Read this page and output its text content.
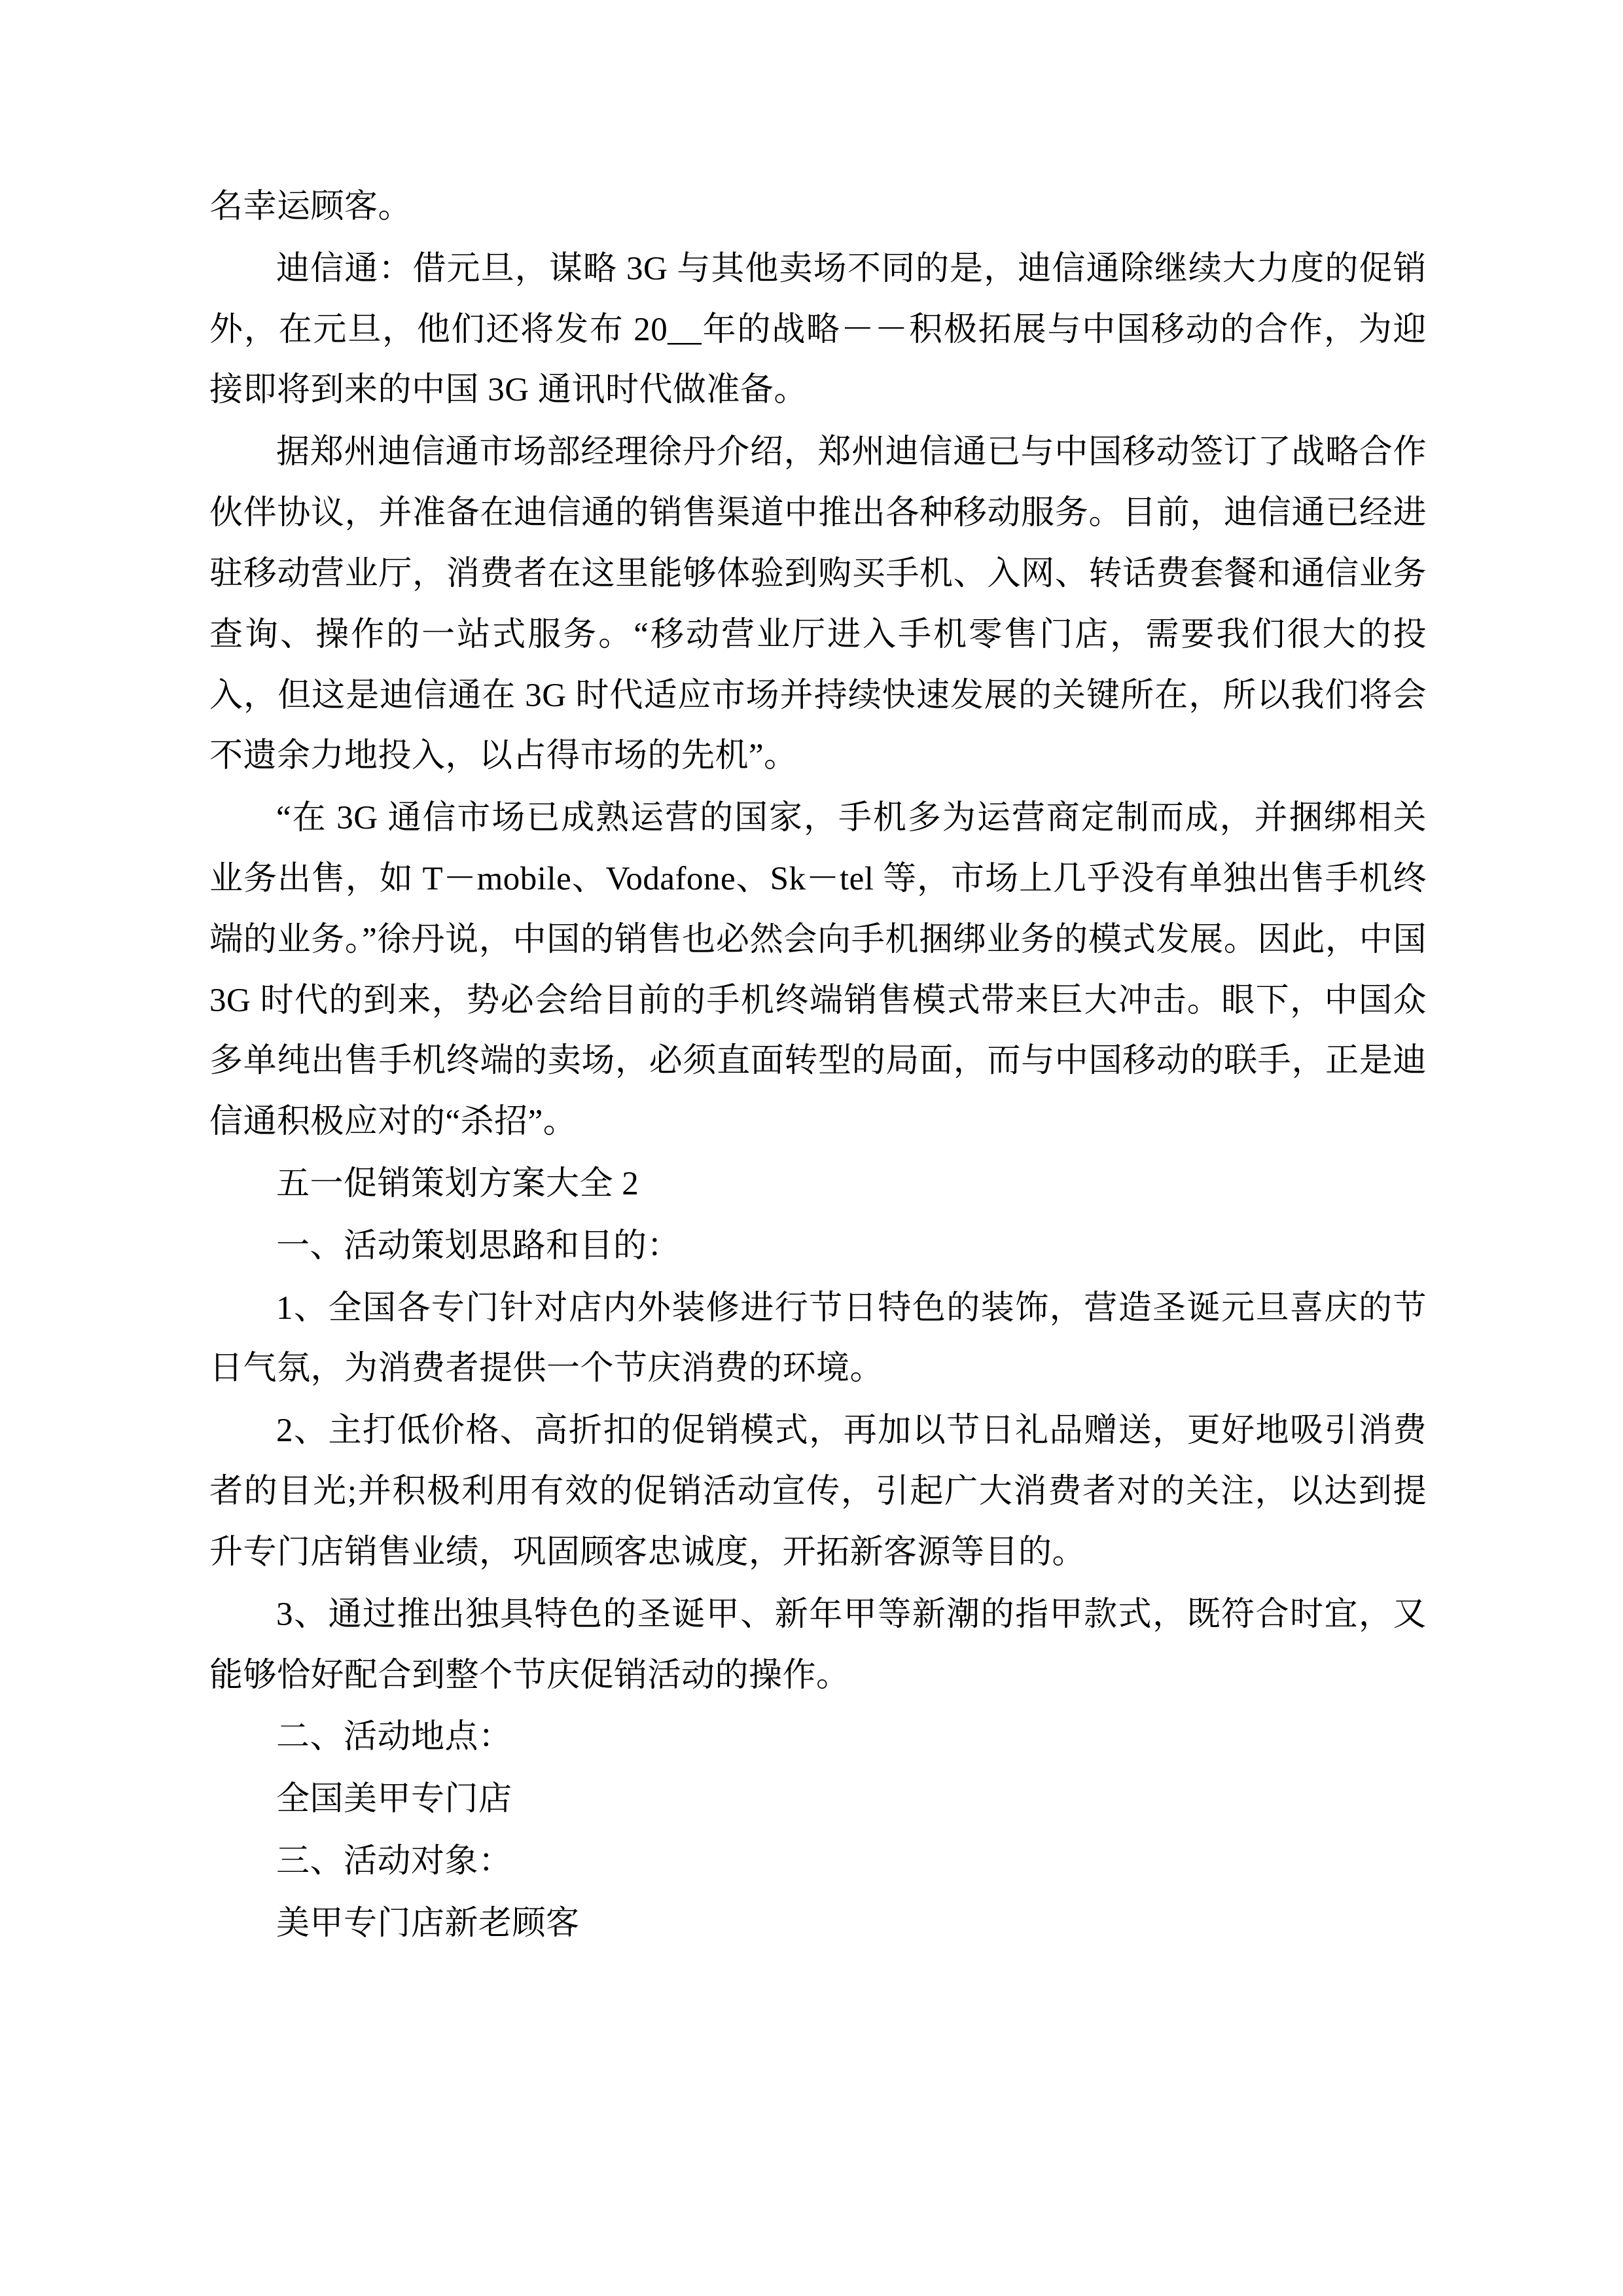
名幸运顾客。

迪信通：借元旦，谋略 3G 与其他卖场不同的是，迪信通除继续大力度的促销外，在元旦，他们还将发布 20__年的战略－－积极拓展与中国移动的合作，为迎接即将到来的中国 3G 通讯时代做准备。

据郑州迪信通市场部经理徐丹介绍，郑州迪信通已与中国移动签订了战略合作伙伴协议，并准备在迪信通的销售渠道中推出各种移动服务。目前，迪信通已经进驻移动营业厅，消费者在这里能够体验到购买手机、入网、转话费套餐和通信业务查询、操作的一站式服务。“移动营业厅进入手机零售门店，需要我们很大的投入，但这是迪信通在 3G 时代适应市场并持续快速发展的关键所在，所以我们将会不遗余力地投入，以占得市场的先机”。

“在 3G 通信市场已成熟运营的国家，手机多为运营商定制而成，并捆绑相关业务出售，如 T－mobile、Vodafone、Sk－tel 等，市场上几乎没有单独出售手机终端的业务。”徐丹说，中国的销售也必然会向手机捆绑业务的模式发展。因此，中国 3G 时代的到来，势必会给目前的手机终端销售模式带来巨大冲击。眼下，中国众多单纯出售手机终端的卖场，必须直面转型的局面，而与中国移动的联手，正是迪信通积极应对的“杀招”。

五一促销策划方案大全 2

一、活动策划思路和目的：

1、全国各专门针对店内外装修进行节日特色的装饰，营造圣诞元旦喜庆的节日气氛，为消费者提供一个节庆消费的环境。

2、主打低价格、高折扣的促销模式，再加以节日礼品赠送，更好地吸引消费者的目光;并积极利用有效的促销活动宣传，引起广大消费者对的关注，以达到提升专门店销售业绩，巩固顾客忠诚度，开拓新客源等目的。

3、通过推出独具特色的圣诞甲、新年甲等新潮的指甲款式，既符合时宜，又能够恰好配合到整个节庆促销活动的操作。

二、活动地点：

全国美甲专门店

三、活动对象：

美甲专门店新老顾客
